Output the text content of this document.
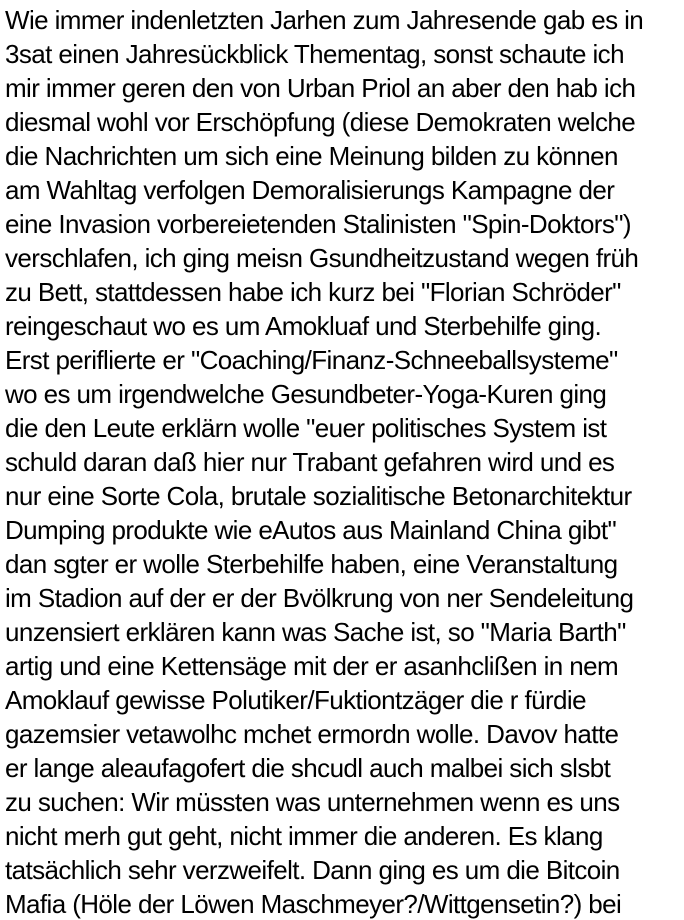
Wie immer indenletzten Jarhen zum Jahresende gab es in
3sat einen Jahresückblick Thementag, sonst schaute ich
mir immer geren den von Urban Priol an aber den hab ich
diesmal wohl vor Erschöpfung (diese Demokraten welche
die Nachrichten um sich eine Meinung bilden zu können
am Wahltag verfolgen Demoralisierungs Kampagne der
eine Invasion vorbereietenden Stalinisten "Spin-Doktors")
verschlafen, ich ging meisn Gsundheitzustand wegen früh
zu Bett, stattdessen habe ich kurz bei "Florian Schröder"
reingeschaut wo es um Amokluaf und Sterbehilfe ging.
Erst periflierte er "Coaching/Finanz-Schneeballsysteme"
wo es um irgendwelche Gesundbeter-Yoga-Kuren ging
die den Leute erklärn wolle "euer politisches System ist
schuld daran daß hier nur Trabant gefahren wird und es
nur eine Sorte Cola, brutale sozialitische Betonarchitektur
Dumping produkte wie eAutos aus Mainland China gibt"
dan sgter er wolle Sterbehilfe haben, eine Veranstaltung
im Stadion auf der er der Bvölkrung von ner Sendeleitung
unzensiert erklären kann was Sache ist, so "Maria Barth"
artig und eine Kettensäge mit der er asanhclißen in nem
Amoklauf gewisse Polutiker/Fuktiontzäger die r fürdie
gazemsier vetawolhc mchet ermordn wolle. Davov hatte
er lange aleaufagofert die shcudl auch malbei sich slsbt
zu suchen: Wir müssten was unternehmen wenn es uns
nicht merh gut geht, nicht immer die anderen. Es klang
tatsächlich sehr verzweifelt. Dann ging es um die Bitcoin
Mafia (Höle der Löwen Maschmeyer?/Wittgensetin?) bei
